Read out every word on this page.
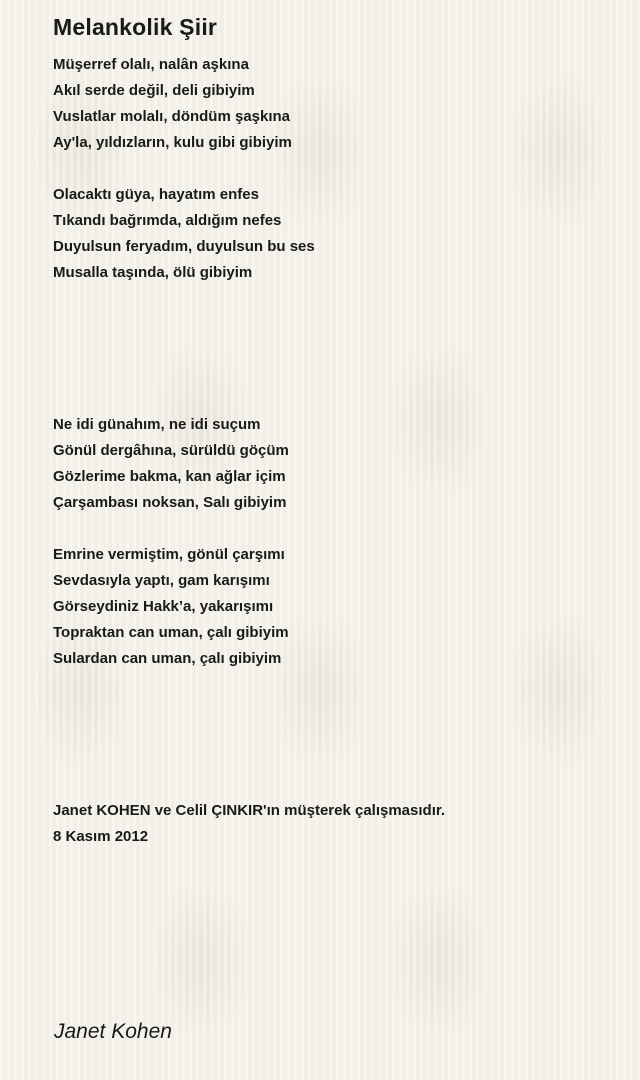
Melankolik Şiir
Müşerref olalı, nalân aşkına
Akıl serde değil, deli gibiyim
Vuslatlar molalı, döndüm şaşkına
Ay'la, yıldızların, kulu gibi gibiyim
Olacaktı güya, hayatım enfes
Tıkandı bağrımda, aldığım nefes
Duyulsun feryadım, duyulsun bu ses
Musalla taşında, ölü gibiyim
Ne idi günahım, ne idi suçum
Gönül dergâhına, sürüldü göçüm
Gözlerime bakma, kan ağlar içim
Çarşambası noksan, Salı gibiyim
Emrine vermiştim, gönül çarşımı
Sevdasıyla yaptı, gam karışımı
Görseydiniz Hakk’a, yakarışımı
Topraktan can uman, çalı gibiyim
Sulardan can uman, çalı gibiyim
Janet KOHEN ve Celil ÇINKIR'ın müşterek çalışmasıdır.
8 Kasım 2012
Janet Kohen
